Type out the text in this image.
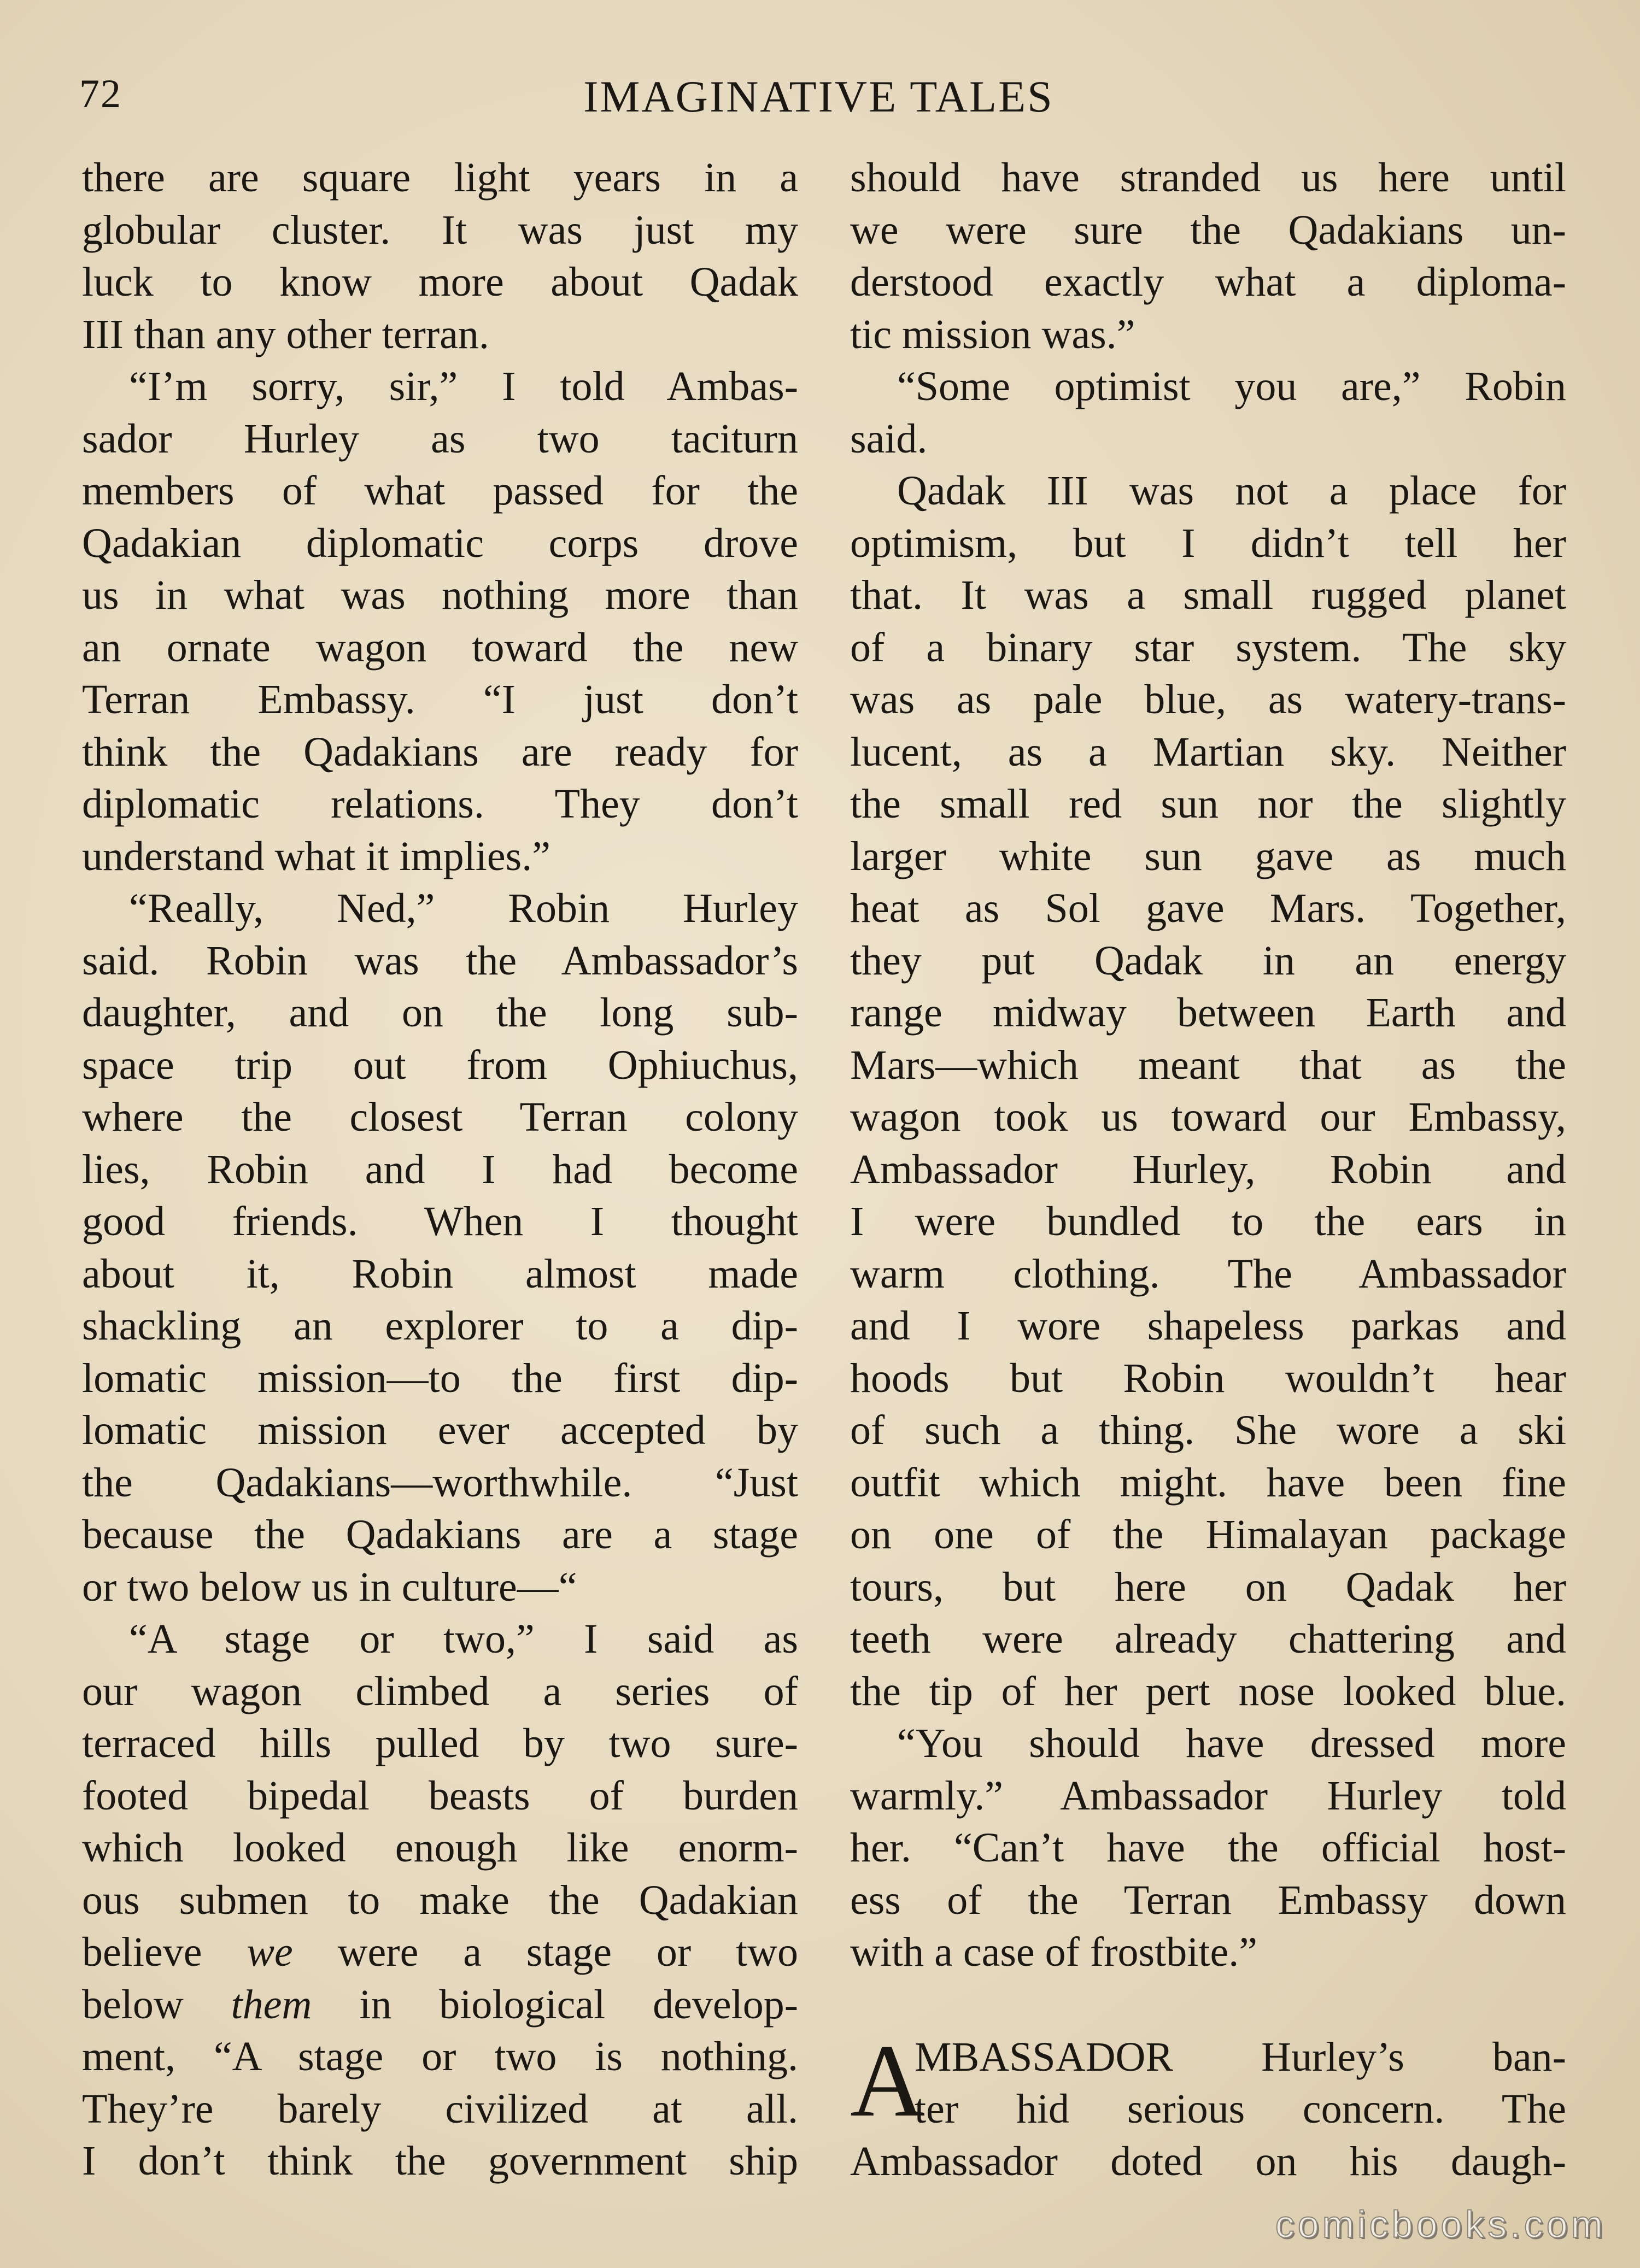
72	IMAGINATIVE TALES
there are square light years in a
globular cluster. It was just my
luck to know more about Qadak
III than any other terran.
“I’m sorry, sir,” I told Ambas-
sador Hurley as two taciturn
members of what passed for the
Qadakian diplomatic corps drove
us in what was nothing more than
an ornate wagon toward the new
Terran Embassy. “I just don’t
think the Qadakians are ready for
diplomatic relations. They don’t
understand what it implies.”
“Really, Ned,” Robin Hurley
said. Robin was the Ambassador’s
daughter, and on the long sub-
space trip out from Ophiuchus,
where the closest Terran colony
lies, Robin and I had become
good friends. When I thought
about it, Robin almost made
shackling an explorer to a dip-
lomatic mission—to the first dip-
lomatic mission ever accepted by
the Qadakians—worthwhile. “Just
because the Qadakians are a stage
or two below us in culture—“
“A stage or two,” I said as
our wagon climbed a series of
terraced hills pulled by two sure-
footed bipedal beasts of burden
which looked enough like enorm-
ous submen to make the Qadakian
believe we were a stage or two
below them in biological develop-
ment, “A stage or two is nothing.
They’re barely civilized at all.
I don’t think the government ship
should have stranded us here until
we were sure the Qadakians un-
derstood exactly what a diploma-
tic mission was.”
“Some optimist you are,” Robin
said.
Qadak III was not a place for
optimism, but I didn’t tell her
that. It was a small rugged planet
of a binary star system. The sky
was as pale blue, as watery-trans-
lucent, as a Martian sky. Neither
the small red sun nor the slightly
larger white sun gave as much
heat as Sol gave Mars. Together,
they put Qadak in an energy
range midway between Earth and
Mars—which meant that as the
wagon took us toward our Embassy,
Ambassador Hurley, Robin and
I were bundled to the ears in
warm clothing. The Ambassador
and I wore shapeless parkas and
hoods but Robin wouldn’t hear
of such a thing. She wore a ski
outfit which might. have been fine
on one of the Himalayan package
tours, but here on Qadak her
teeth were already chattering and
the tip of her pert nose looked blue.
“You should have dressed more
warmly.” Ambassador Hurley told
her. “Can’t have the official host-
ess of the Terran Embassy down
with a case of frostbite.”
A
MBASSADOR Hurley’s ban-
ter hid serious concern. The
Ambassador doted on his daugh-
comicbooks.com
